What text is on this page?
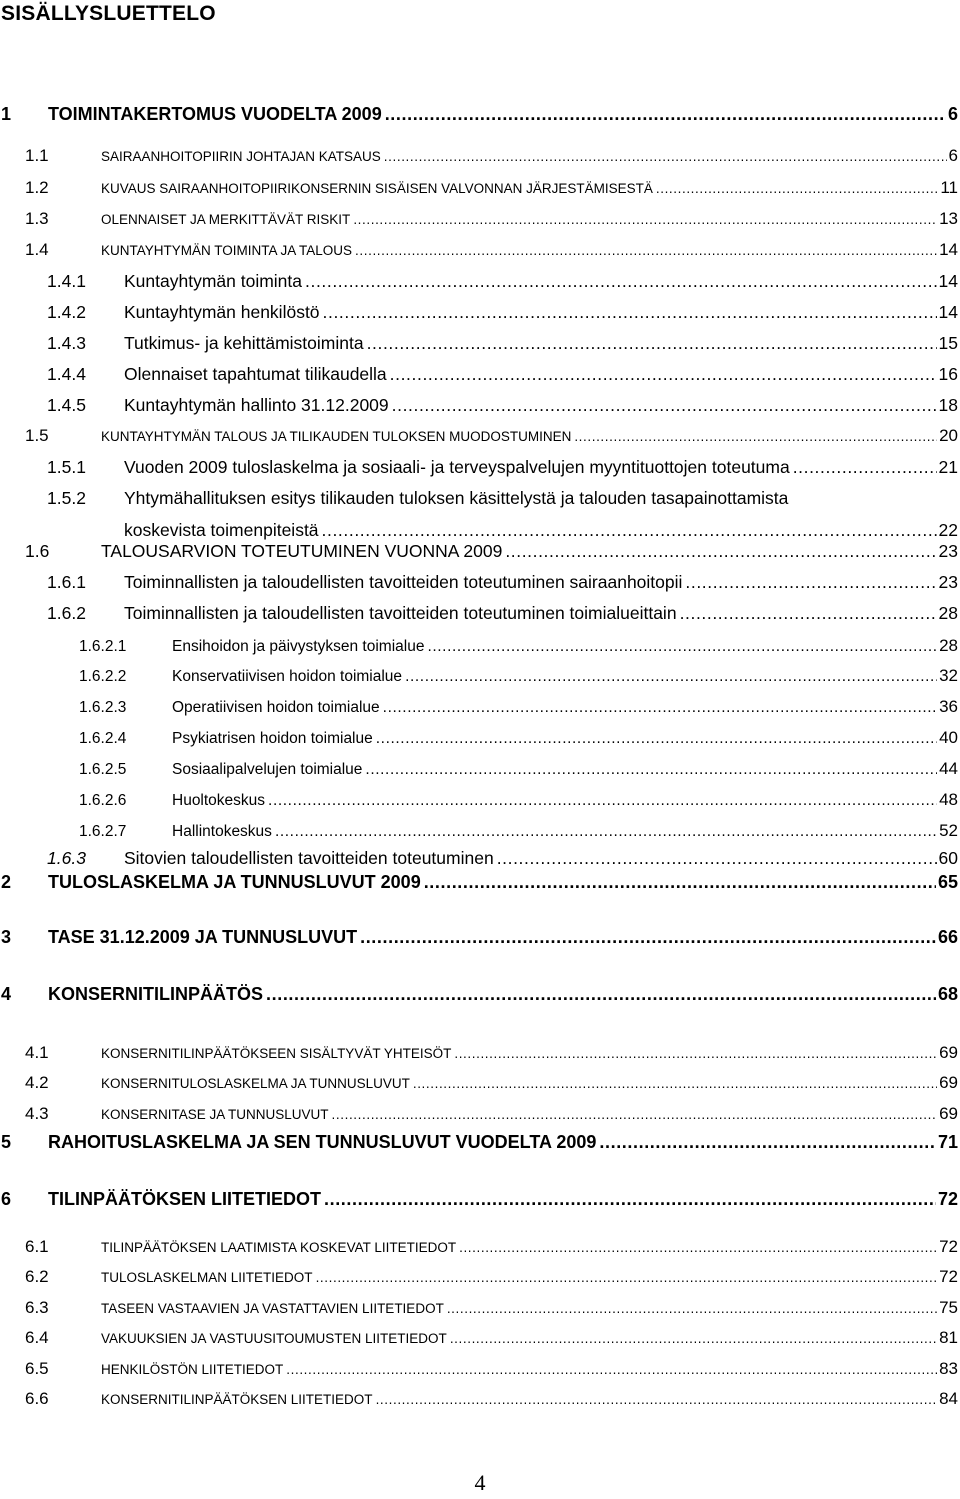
SISÄLLYSLUETTELO
1	TOIMINTAKERTOMUS VUODELTA 2009 .....	6
1.1	SAIRAANHOITOPIIRIN JOHTAJAN KATSAUS .....	6
1.2	KUVAUS SAIRAANHOITOPIIRIKONSERNIN SISÄISEN VALVONNAN JÄRJESTÄMISESTÄ .....	11
1.3	OLENNAISET JA MERKITTÄVÄT RISKIT .....	13
1.4	KUNTAYHTYMÄN TOIMINTA JA TALOUS .....	14
1.4.1	Kuntayhtymän toiminta .....	14
1.4.2	Kuntayhtymän henkilöstö .....	14
1.4.3	Tutkimus- ja kehittämistoiminta .....	15
1.4.4	Olennaiset tapahtumat tilikaudella .....	16
1.4.5	Kuntayhtymän hallinto 31.12.2009 .....	18
1.5	KUNTAYHTYMÄN TALOUS JA TILIKAUDEN TULOKSEN MUODOSTUMINEN .....	20
1.5.1	Vuoden 2009 tuloslaskelma ja sosiaali- ja terveyspalvelujen myyntituottojen toteutuma .....	21
1.5.2	Yhtymähallituksen esitys tilikauden tuloksen käsittelystä ja talouden tasapainottamista
koskevista toimenpiteistä .....	22
1.6	TALOUSARVION TOTEUTUMINEN VUONNA 2009 .....	23
1.6.1	Toiminnallisten ja taloudellisten tavoitteiden toteutuminen sairaanhoitopii .....	23
1.6.2	Toiminnallisten ja taloudellisten tavoitteiden toteutuminen toimialueittain .....	28
1.6.2.1	Ensihoidon ja päivystyksen toimialue .....	28
1.6.2.2	Konservatiivisen hoidon toimialue .....	32
1.6.2.3	Operatiivisen hoidon toimialue .....	36
1.6.2.4	Psykiatrisen hoidon toimialue .....	40
1.6.2.5	Sosiaalipalvelujen toimialue .....	44
1.6.2.6	Huoltokeskus .....	48
1.6.2.7	Hallintokeskus .....	52
1.6.3	Sitovien taloudellisten tavoitteiden toteutuminen .....	60
2	TULOSLASKELMA JA TUNNUSLUVUT 2009 .....	65
3	TASE 31.12.2009 JA TUNNUSLUVUT .....	66
4	KONSERNITILINPÄÄTÖS .....	68
4.1	KONSERNITILINPÄÄTÖKSEEN SISÄLTYVÄT YHTEISÖT .....	69
4.2	KONSERNITULOSLASKELMA JA TUNNUSLUVUT .....	69
4.3	KONSERNITASE JA TUNNUSLUVUT .....	69
5	RAHOITUSLASKELMA JA SEN TUNNUSLUVUT VUODELTA 2009 .....	71
6	TILINPÄÄTÖKSEN LIITETIEDOT .....	72
6.1	TILINPÄÄTÖKSEN LAATIMISTA KOSKEVAT LIITETIEDOT .....	72
6.2	TULOSLASKELMAN LIITETIEDOT .....	72
6.3	TASEEN VASTAAVIEN JA VASTATTAVIEN LIITETIEDOT .....	75
6.4	VAKUUKSIEN JA VASTUUSITOUMUSTEN LIITETIEDOT .....	81
6.5	HENKILÖSTÖN LIITETIEDOT .....	83
6.6	KONSERNITILINPÄÄTÖKSEN LIITETIEDOT .....	84
4
